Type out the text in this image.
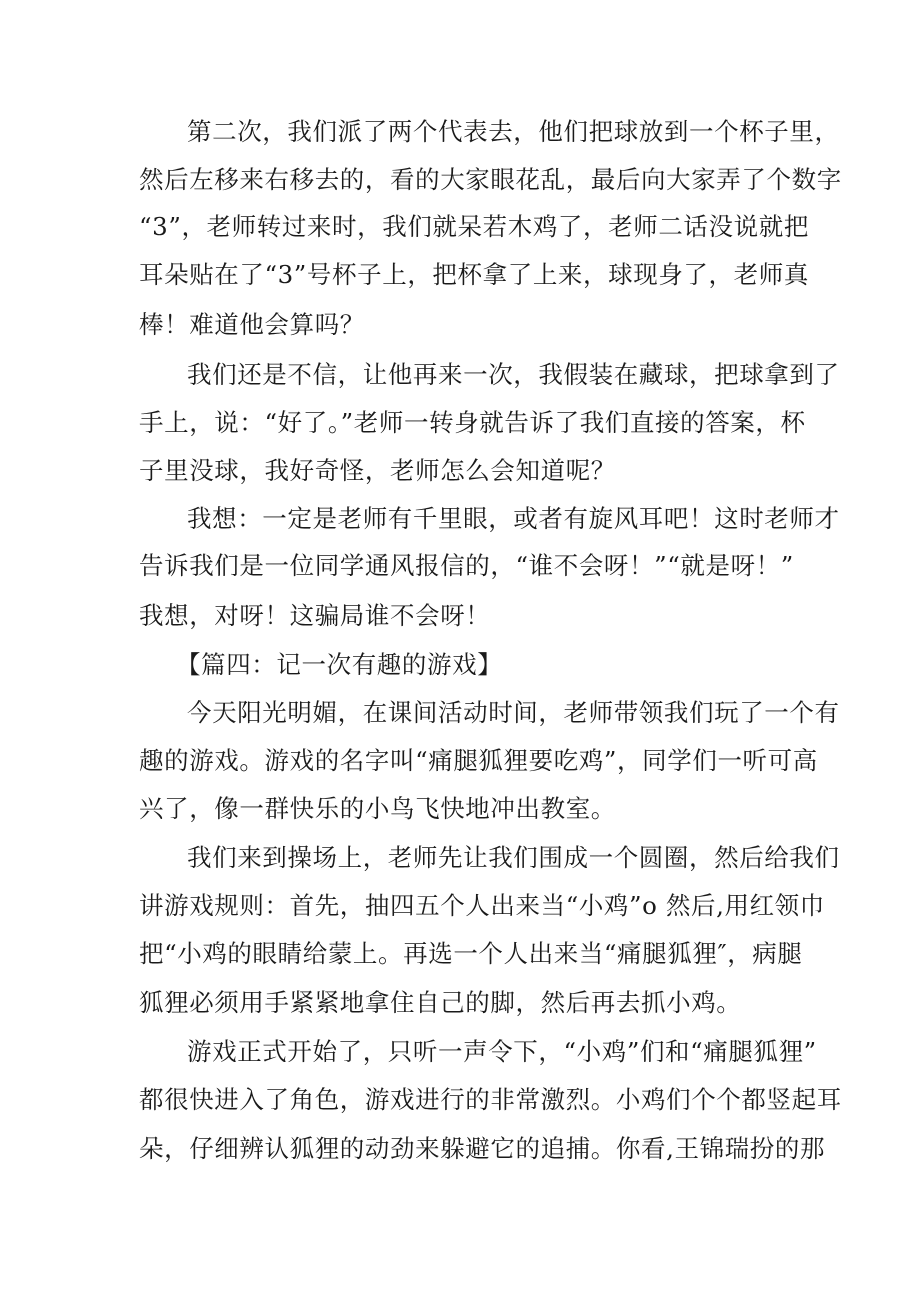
第二次，我们派了两个代表去，他们把球放到一个杯子里，
然后左移来右移去的，看的大家眼花乱，最后向大家弄了个数字
“3”，老师转过来时，我们就呆若木鸡了，老师二话没说就把
耳朵贴在了“3”号杯子上，把杯拿了上来，球现身了，老师真
棒！难道他会算吗？
我们还是不信，让他再来一次，我假装在藏球，把球拿到了
手上，说：“好了。”老师一转身就告诉了我们直接的答案，杯
子里没球，我好奇怪，老师怎么会知道呢？
我想：一定是老师有千里眼，或者有旋风耳吧！这时老师才
告诉我们是一位同学通风报信的，“谁不会呀！”“就是呀！”
我想，对呀！这骗局谁不会呀！
【篇四：记一次有趣的游戏】
今天阳光明媚，在课间活动时间，老师带领我们玩了一个有
趣的游戏。游戏的名字叫“痛腿狐狸要吃鸡”，同学们一听可高
兴了，像一群快乐的小鸟飞快地冲出教室。
我们来到操场上，老师先让我们围成一个圆圈，然后给我们
讲游戏规则：首先，抽四五个人出来当“小鸡”o 然后,用红领巾
把“小鸡的眼睛给蒙上。再选一个人出来当“痛腿狐狸″，病腿
狐狸必须用手紧紧地拿住自己的脚，然后再去抓小鸡。
游戏正式开始了，只听一声令下，“小鸡”们和“痛腿狐狸”
都很快进入了角色，游戏进行的非常激烈。小鸡们个个都竖起耳
朵，仔细辨认狐狸的动劲来躲避它的追捕。你看,王锦瑞扮的那
